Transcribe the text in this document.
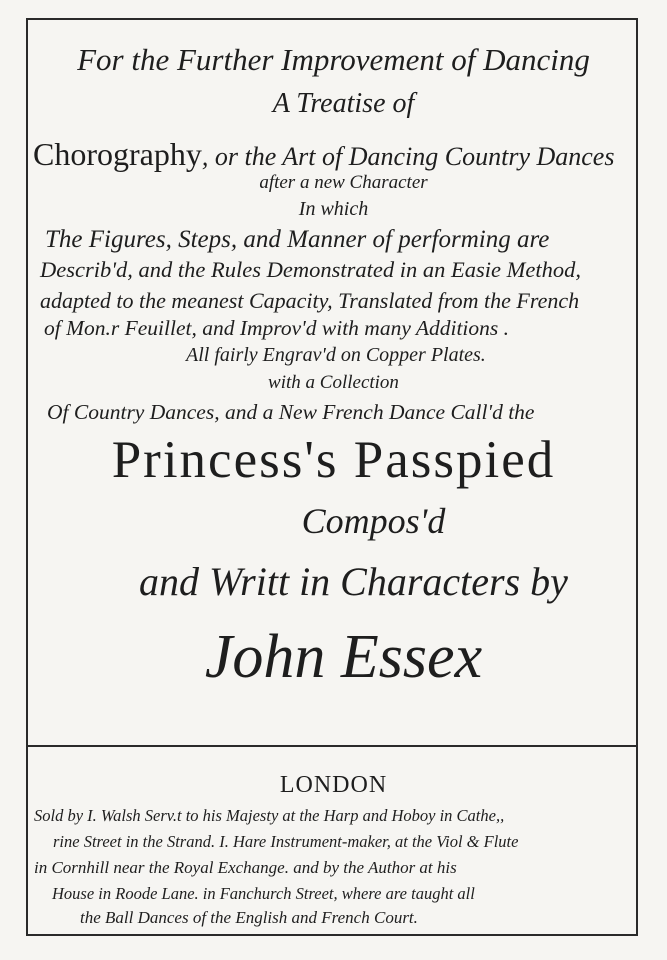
For the Further Improvement of Dancing
A Treatise of
Chorography, or the Art of Dancing Country Dances
after a new Character
In which
The Figures, Steps, and Manner of performing are
Describ'd, and the Rules Demonstrated in an Easie Method,
adapted to the meanest Capacity, Translated from the French
of Mon.r Feuillet, and Improv'd with many Additions .
All fairly Engrav'd on Copper Plates.
with a Collection
Of Country Dances, and a New French Dance Call'd the
Princess's Passpied
Compos'd
and Writt in Characters by
John Essex
LONDON
Sold by I. Walsh Serv.t to his Majesty at the Harp and Hoboy in Cathe,,
rine Street in the Strand. I. Hare Instrument-maker, at the Viol & Flute
in Cornhill near the Royal Exchange. and by the Author at his
House in Roode Lane. in Fanchurch Street, where are taught all
the Ball Dances of the English and French Court.
